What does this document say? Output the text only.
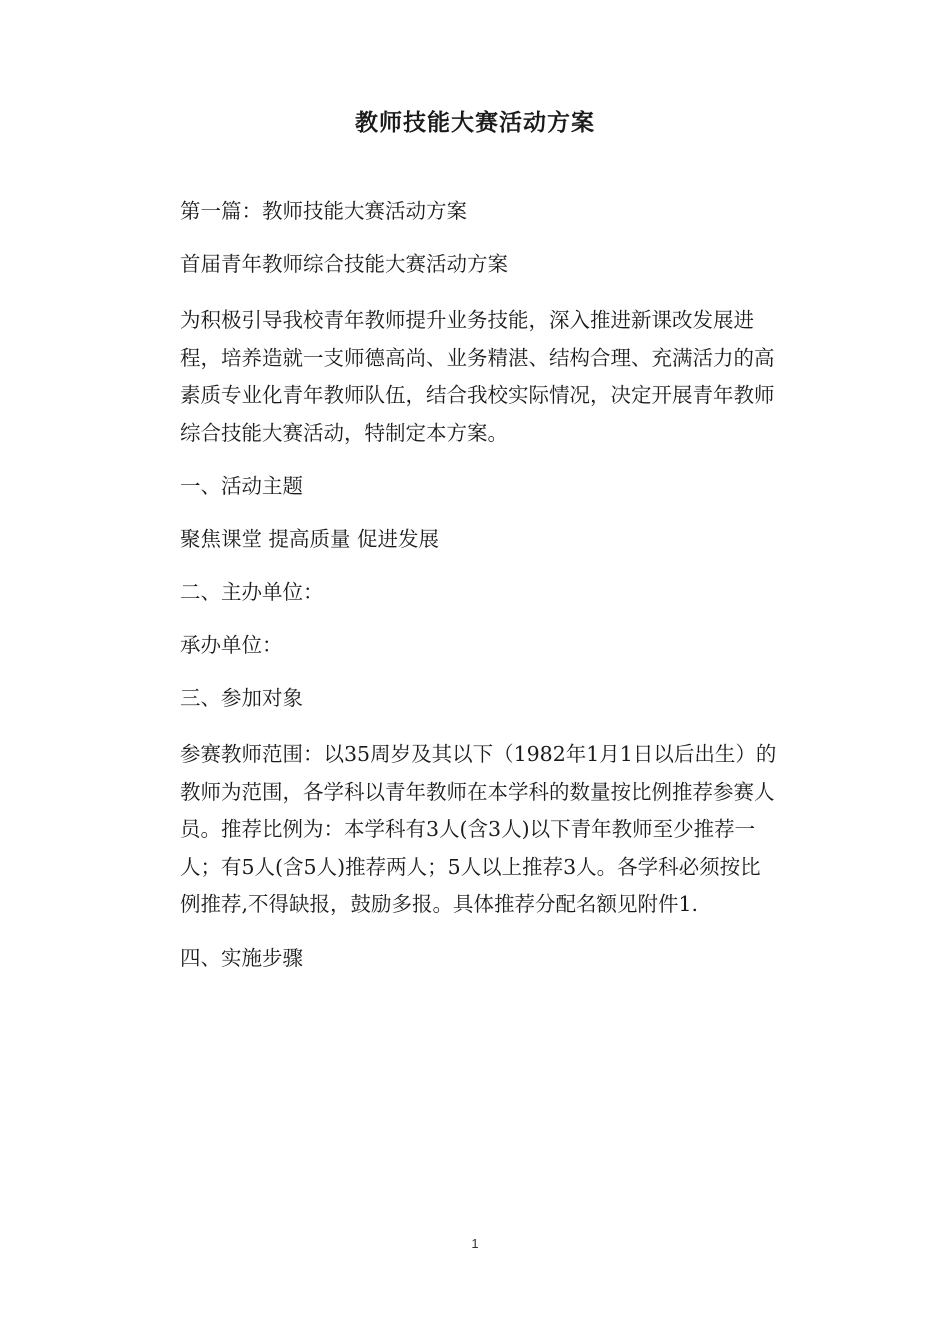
教师技能大赛活动方案

第一篇：教师技能大赛活动方案

首届青年教师综合技能大赛活动方案

为积极引导我校青年教师提升业务技能，深入推进新课改发展进程，培养造就一支师德高尚、业务精湛、结构合理、充满活力的高素质专业化青年教师队伍，结合我校实际情况，决定开展青年教师综合技能大赛活动，特制定本方案。

一、活动主题

聚焦课堂 提高质量 促进发展

二、主办单位：

承办单位：

三、参加对象

参赛教师范围：以35周岁及其以下（1982年1月1日以后出生）的教师为范围，各学科以青年教师在本学科的数量按比例推荐参赛人员。推荐比例为：本学科有3人(含3人)以下青年教师至少推荐一人；有5人(含5人)推荐两人；5人以上推荐3人。各学科必须按比例推荐,不得缺报，鼓励多报。具体推荐分配名额见附件1.

四、实施步骤

1
